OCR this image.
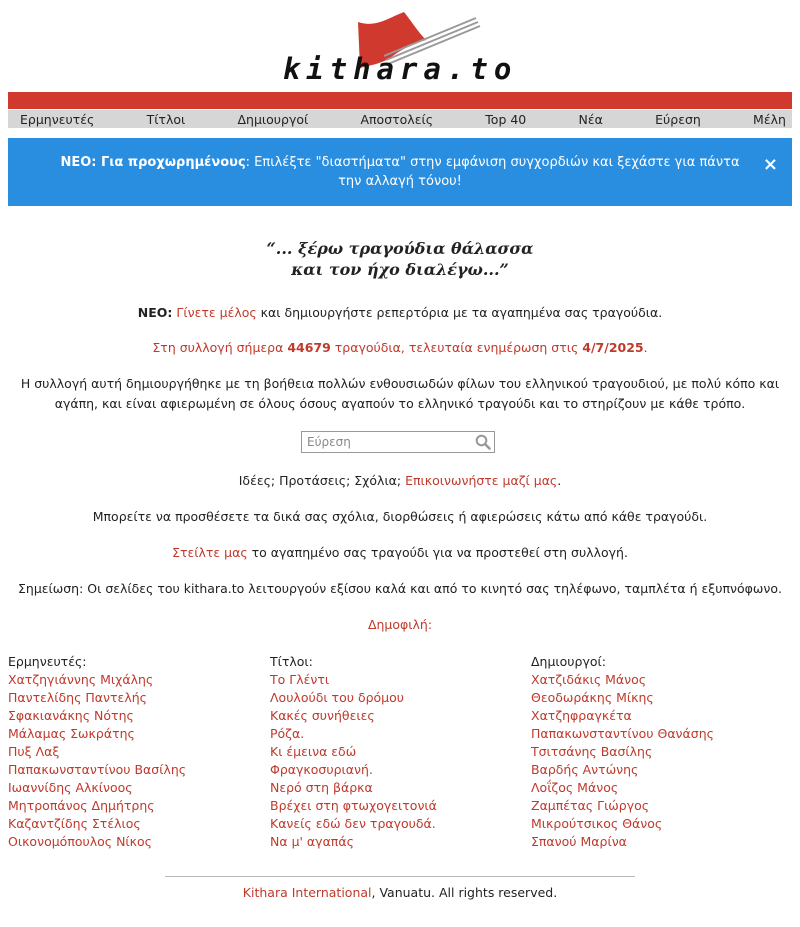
kithara.to
Ερμηνευτές	Τίτλοι	Δημιουργοί	Αποστολείς	Top 40	Νέα	Εύρεση	Μέλη
ΝΕΟ: Για προχωρημένους: Επιλέξτε "διαστήματα" στην εμφάνιση συγχορδιών και ξεχάστε για πάντα την αλλαγή τόνου!
×
“... ξέρω τραγούδια θάλασσα
και τον ήχο διαλέγω...”
ΝΕΟ: Γίνετε μέλος και δημιουργήστε ρεπερτόρια με τα αγαπημένα σας τραγούδια.
Στη συλλογή σήμερα 44679 τραγούδια, τελευταία ενημέρωση στις 4/7/2025.
Η συλλογή αυτή δημιουργήθηκε με τη βοήθεια πολλών ενθουσιωδών φίλων του ελληνικού τραγουδιού, με πολύ κόπο και αγάπη, και είναι αφιερωμένη σε όλους όσους αγαπούν το ελληνικό τραγούδι και το στηρίζουν με κάθε τρόπο.
Εύρεση
Ιδέες; Προτάσεις; Σχόλια; Επικοινωνήστε μαζί μας.
Μπορείτε να προσθέσετε τα δικά σας σχόλια, διορθώσεις ή αφιερώσεις κάτω από κάθε τραγούδι.
Στείλτε μας το αγαπημένο σας τραγούδι για να προστεθεί στη συλλογή.
Σημείωση: Οι σελίδες του kithara.to λειτουργούν εξίσου καλά και από το κινητό σας τηλέφωνο, ταμπλέτα ή εξυπνόφωνο.
Δημοφιλή:
Ερμηνευτές:
Χατζηγιάννης Μιχάλης
Παντελίδης Παντελής
Σφακιανάκης Νότης
Μάλαμας Σωκράτης
Πυξ Λαξ
Παπακωνσταντίνου Βασίλης
Ιωαννίδης Αλκίνοος
Μητροπάνος Δημήτρης
Καζαντζίδης Στέλιος
Οικονομόπουλος Νίκος
Τίτλοι:
Το Γλέντι
Λουλούδι του δρόμου
Κακές συνήθειες
Ρόζα.
Κι έμεινα εδώ
Φραγκοσυριανή.
Νερό στη βάρκα
Βρέχει στη φτωχογειτονιά
Κανείς εδώ δεν τραγουδά.
Να μ' αγαπάς
Δημιουργοί:
Χατζιδάκις Μάνος
Θεοδωράκης Μίκης
Χατζηφραγκέτα
Παπακωνσταντίνου Θανάσης
Τσιτσάνης Βασίλης
Βαρδής Αντώνης
Λοΐζος Μάνος
Ζαμπέτας Γιώργος
Μικρούτσικος Θάνος
Σπανού Μαρίνα
Kithara International, Vanuatu. All rights reserved.
